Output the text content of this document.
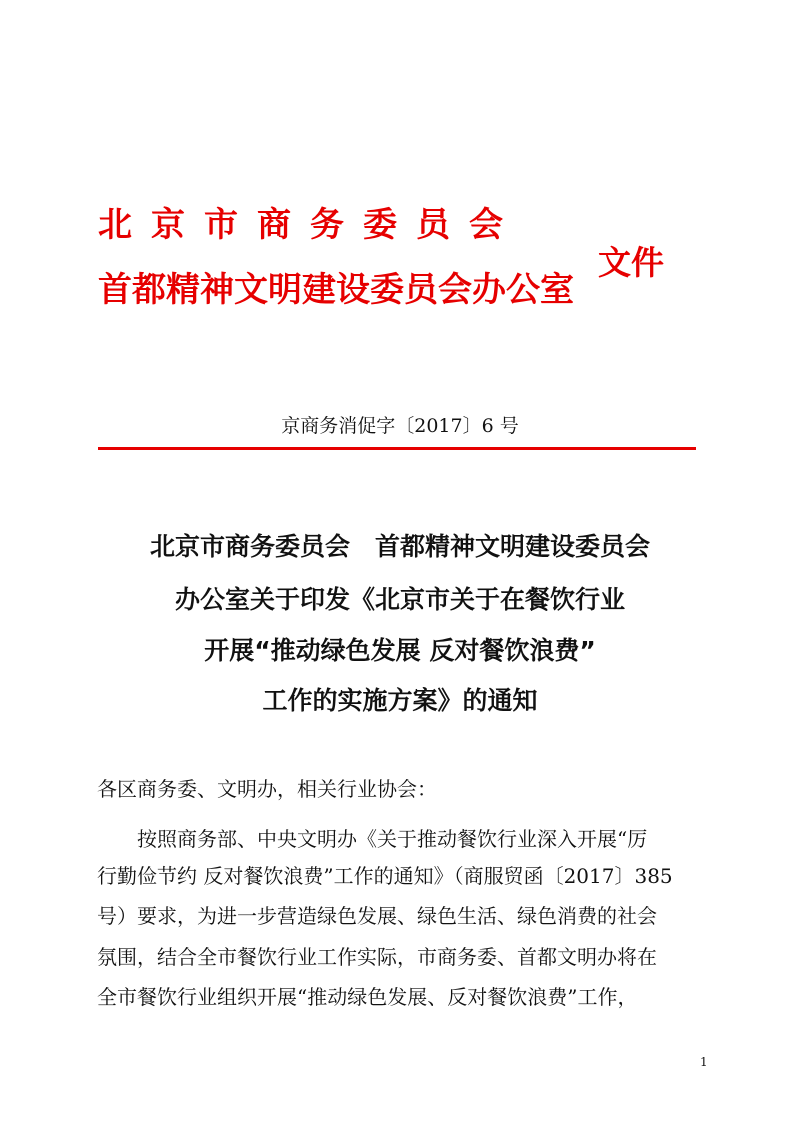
北京市商务委员会
首都精神文明建设委员会办公室
文件
京商务消促字〔2017〕6 号
北京市商务委员会　首都精神文明建设委员会
办公室关于印发《北京市关于在餐饮行业
开展“推动绿色发展 反对餐饮浪费”
工作的实施方案》的通知
各区商务委、文明办，相关行业协会：
按照商务部、中央文明办《关于推动餐饮行业深入开展“厉
行勤俭节约 反对餐饮浪费”工作的通知》（商服贸函〔2017〕385
号）要求，为进一步营造绿色发展、绿色生活、绿色消费的社会
氛围，结合全市餐饮行业工作实际，市商务委、首都文明办将在
全市餐饮行业组织开展“推动绿色发展、反对餐饮浪费”工作，
1
